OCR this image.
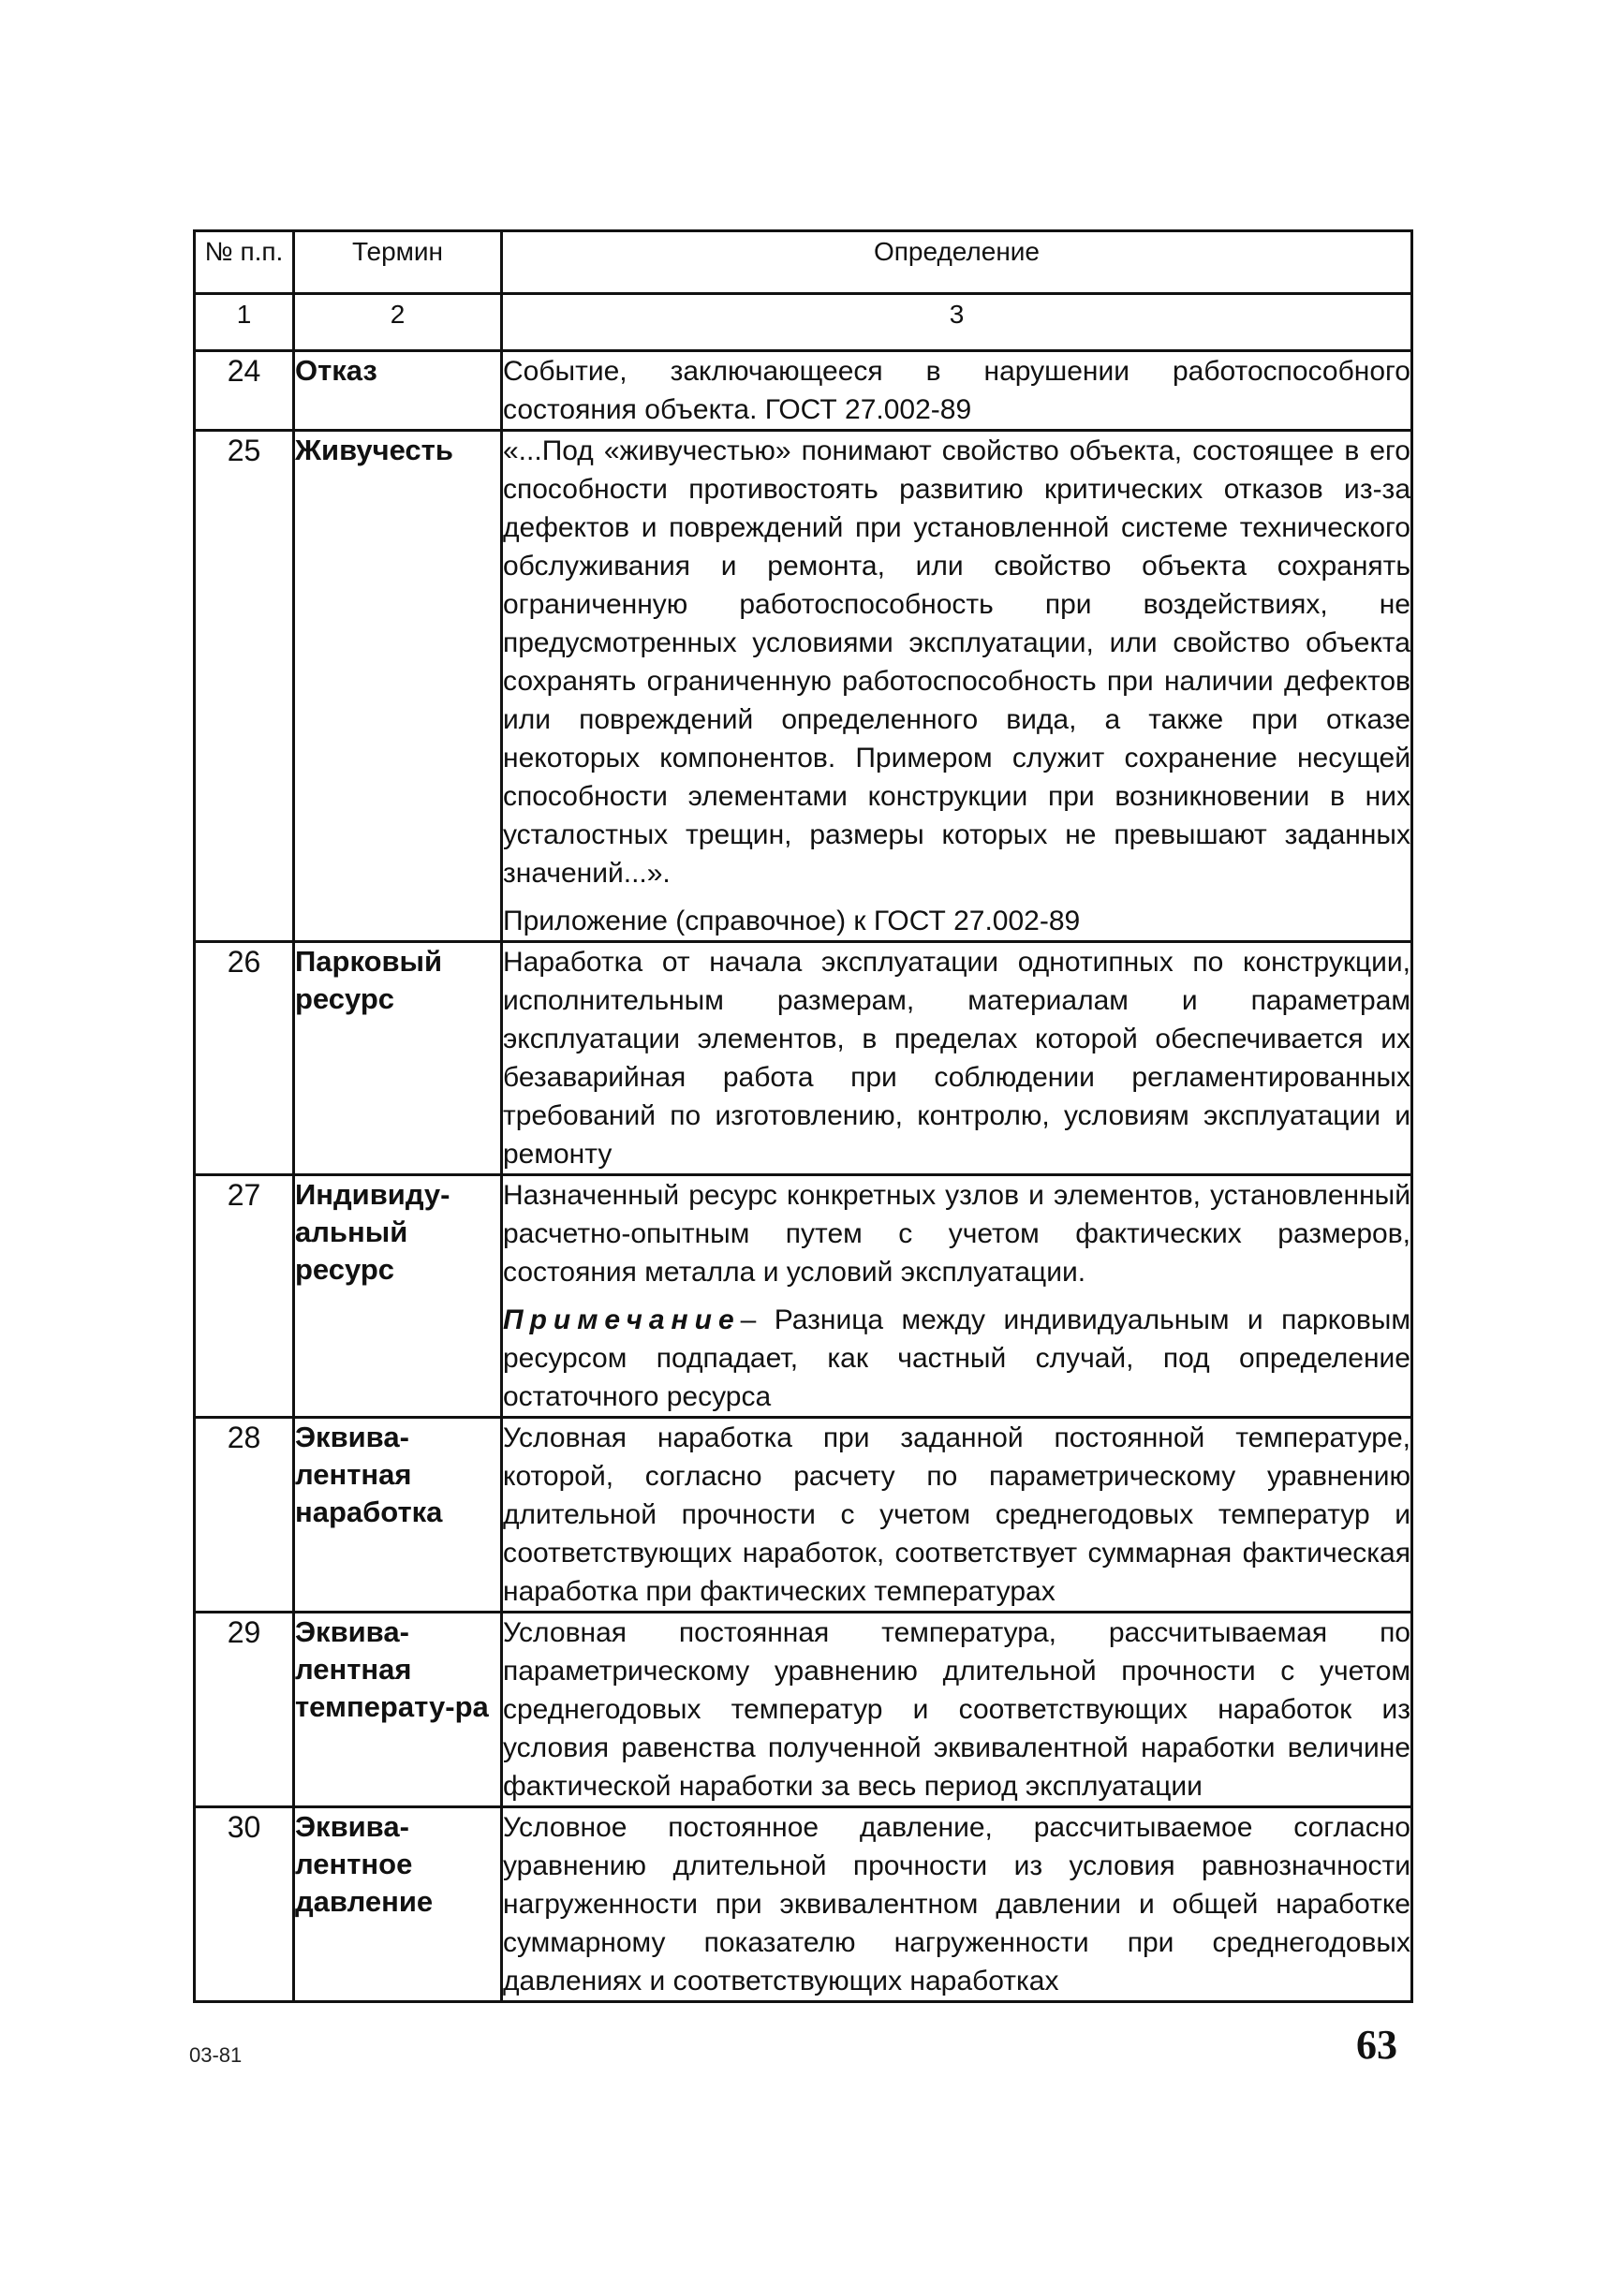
№ п.п.	Термин	Определение
1	2	3
24	Отказ	Событие, заключающееся в нарушении работоспособного состояния объекта. ГОСТ 27.002-89

25	Живучесть	«...Под «живучестью» понимают свойство объекта, состоящее в его способности противостоять развитию критических отказов из-за дефектов и повреждений при установленной системе технического обслуживания и ремонта, или свойство объекта сохранять ограниченную работоспособность при воздействиях, не предусмотренных условиями эксплуатации, или свойство объекта сохранять ограниченную работоспособность при наличии дефектов или повреждений определенного вида, а также при отказе некоторых компонентов. Примером служит сохранение несущей способности элементами конструкции при возникновении в них усталостных трещин, размеры которых не превышают заданных значений...».

Приложение (справочное) к ГОСТ 27.002-89

26	Парковый ресурс	Наработка от начала эксплуатации однотипных по конструкции, исполнительным размерам, материалам и параметрам эксплуатации элементов, в пределах которой обеспечивается их безаварийная работа при соблюдении регламентированных требований по изготовлению, контролю, условиям эксплуатации и ремонту

27	Индивиду-альный ресурс	Назначенный ресурс конкретных узлов и элементов, установленный расчетно-опытным путем с учетом фактических размеров, состояния металла и условий эксплуатации.

Примечание– Разница между индивидуальным и парковым ресурсом подпадает, как частный случай, под определение остаточного ресурса

28	Эквива-лентная наработка	Условная наработка при заданной постоянной температуре, которой, согласно расчету по параметрическому уравнению длительной прочности с учетом среднегодовых температур и соответствующих наработок, соответствует суммарная фактическая наработка при фактических температурах

29	Эквива-лентная температу-ра	Условная постоянная температура, рассчитываемая по параметрическому уравнению длительной прочности с учетом среднегодовых температур и соответствующих наработок из условия равенства полученной эквивалентной наработки величине фактической наработки за весь период эксплуатации

30	Эквива-лентное давление	Условное постоянное давление, рассчитываемое согласно уравнению длительной прочности из условия равнозначности нагруженности при эквивалентном давлении и общей наработке суммарному показателю нагруженности при среднегодовых давлениях и соответствующих наработках

03-81	63
